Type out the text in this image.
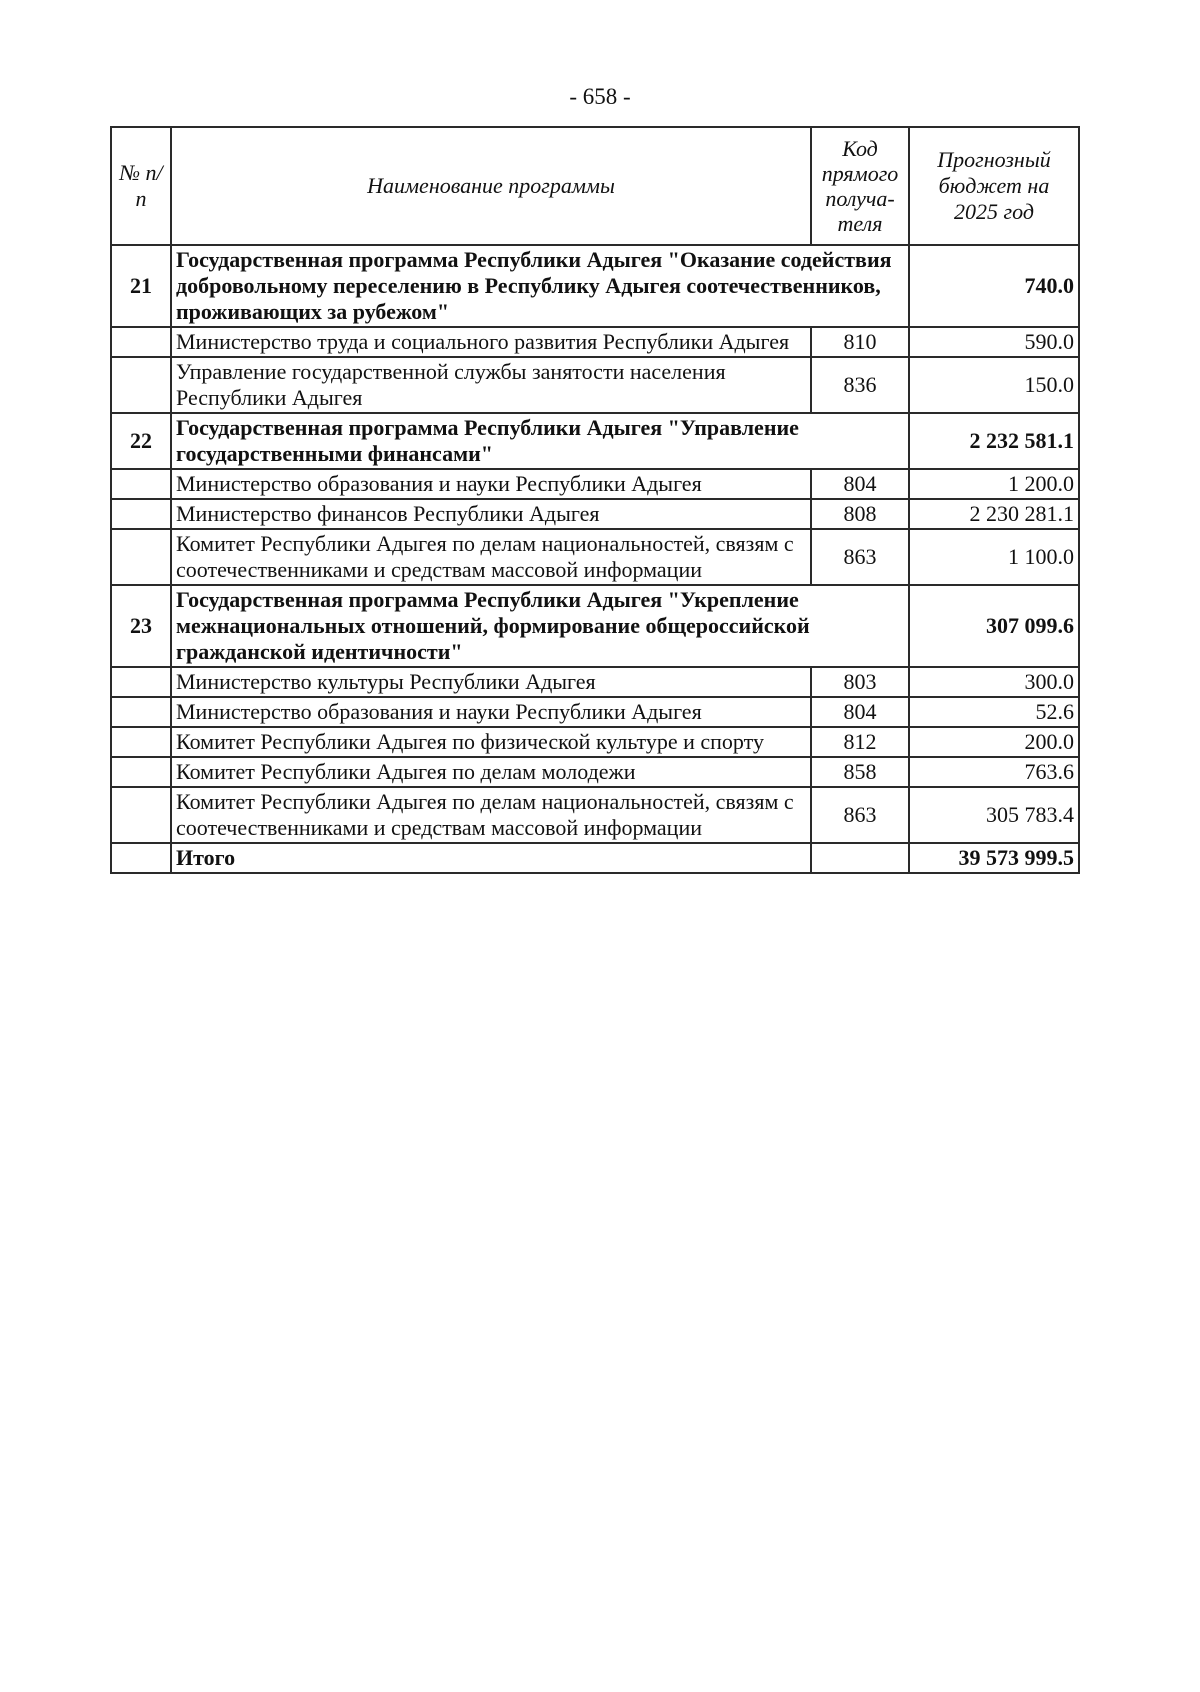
- 658 -
№ п/п	Наименование программы	Код прямого получа-теля	Прогнозный бюджет на 2025 год
21	Государственная программа Республики Адыгея "Оказание содействия добровольному переселению в Республику Адыгея соотечественников, проживающих за рубежом"		740.0
	Министерство труда и социального развития Республики Адыгея	810	590.0
	Управление государственной службы занятости населения Республики Адыгея	836	150.0
22	Государственная программа Республики Адыгея "Управление государственными финансами"		2 232 581.1
	Министерство образования и науки Республики Адыгея	804	1 200.0
	Министерство финансов Республики Адыгея	808	2 230 281.1
	Комитет Республики Адыгея по делам национальностей, связям с соотечественниками и средствам массовой информации	863	1 100.0
23	Государственная программа Республики Адыгея "Укрепление межнациональных отношений, формирование общероссийской гражданской идентичности"		307 099.6
	Министерство культуры Республики Адыгея	803	300.0
	Министерство образования и науки Республики Адыгея	804	52.6
	Комитет Республики Адыгея по физической культуре и спорту	812	200.0
	Комитет Республики Адыгея по делам молодежи	858	763.6
	Комитет Республики Адыгея по делам национальностей, связям с соотечественниками и средствам массовой информации	863	305 783.4
	Итого		39 573 999.5
